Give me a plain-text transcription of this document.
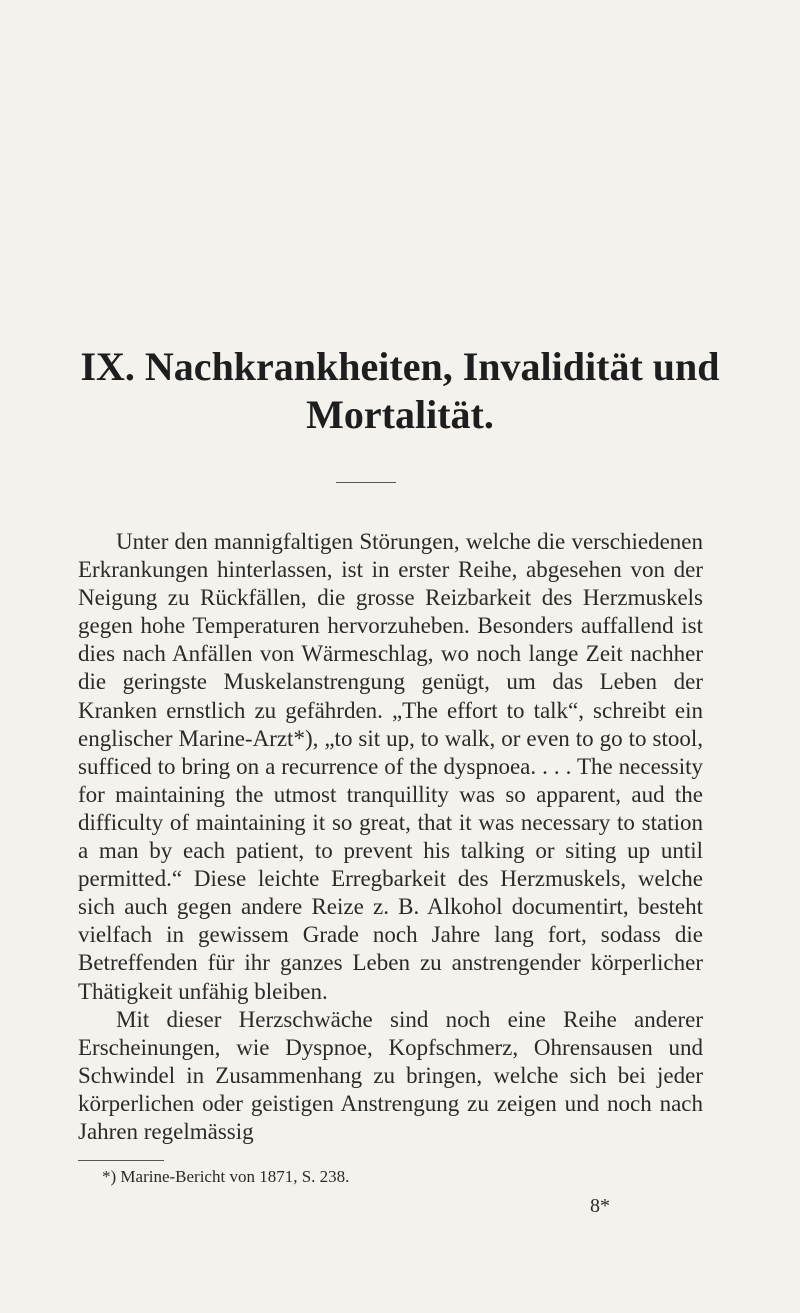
IX. Nachkrankheiten, Invalidität und
Mortalität.

Unter den mannigfaltigen Störungen, welche die verschiedenen Erkrankungen hinterlassen, ist in erster Reihe, abgesehen von der Neigung zu Rückfällen, die grosse Reizbarkeit des Herzmuskels gegen hohe Temperaturen hervorzuheben. Besonders auffallend ist dies nach Anfällen von Wärmeschlag, wo noch lange Zeit nachher die geringste Muskelanstrengung genügt, um das Leben der Kranken ernstlich zu gefährden. „The effort to talk“, schreibt ein englischer Marine-Arzt*), „to sit up, to walk, or even to go to stool, sufficed to bring on a recurrence of the dyspnoea. . . . The necessity for maintaining the utmost tranquillity was so apparent, aud the difficulty of maintaining it so great, that it was necessary to station a man by each patient, to prevent his talking or siting up until permitted.“ Diese leichte Erregbarkeit des Herzmuskels, welche sich auch gegen andere Reize z. B. Alkohol documentirt, besteht vielfach in gewissem Grade noch Jahre lang fort, sodass die Betreffenden für ihr ganzes Leben zu anstrengender körperlicher Thätigkeit unfähig bleiben.

Mit dieser Herzschwäche sind noch eine Reihe anderer Erscheinungen, wie Dyspnoe, Kopfschmerz, Ohrensausen und Schwindel in Zusammenhang zu bringen, welche sich bei jeder körperlichen oder geistigen Anstrengung zu zeigen und noch nach Jahren regelmässig

*) Marine-Bericht von 1871, S. 238.
8*
